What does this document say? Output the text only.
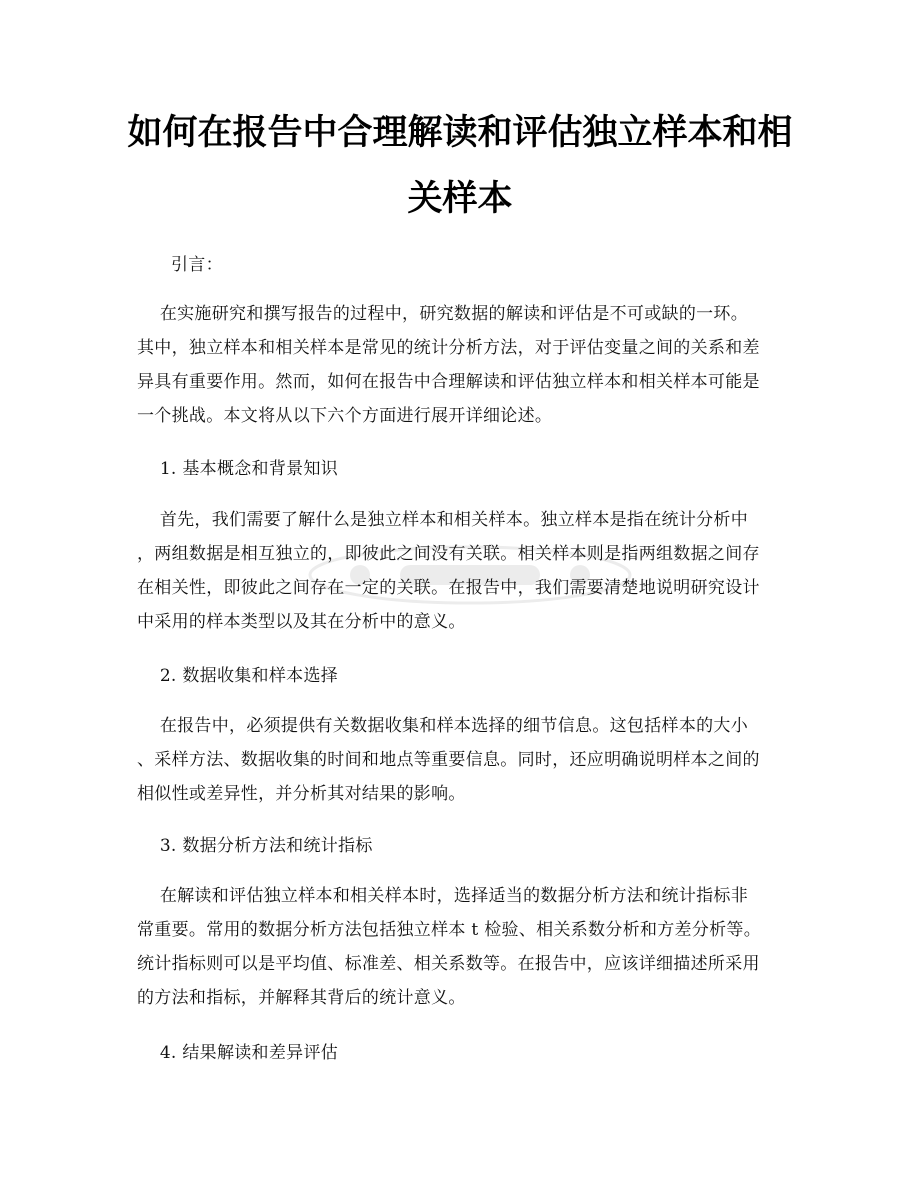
如何在报告中合理解读和评估独立样本和相
关样本
引言：
在实施研究和撰写报告的过程中，研究数据的解读和评估是不可或缺的一环。
其中，独立样本和相关样本是常见的统计分析方法，对于评估变量之间的关系和差
异具有重要作用。然而，如何在报告中合理解读和评估独立样本和相关样本可能是
一个挑战。本文将从以下六个方面进行展开详细论述。
1. 基本概念和背景知识
首先，我们需要了解什么是独立样本和相关样本。独立样本是指在统计分析中
，两组数据是相互独立的，即彼此之间没有关联。相关样本则是指两组数据之间存
在相关性，即彼此之间存在一定的关联。在报告中，我们需要清楚地说明研究设计
中采用的样本类型以及其在分析中的意义。
2. 数据收集和样本选择
在报告中，必须提供有关数据收集和样本选择的细节信息。这包括样本的大小
、采样方法、数据收集的时间和地点等重要信息。同时，还应明确说明样本之间的
相似性或差异性，并分析其对结果的影响。
3. 数据分析方法和统计指标
在解读和评估独立样本和相关样本时，选择适当的数据分析方法和统计指标非
常重要。常用的数据分析方法包括独立样本 t 检验、相关系数分析和方差分析等。
统计指标则可以是平均值、标准差、相关系数等。在报告中，应该详细描述所采用
的方法和指标，并解释其背后的统计意义。
4. 结果解读和差异评估
